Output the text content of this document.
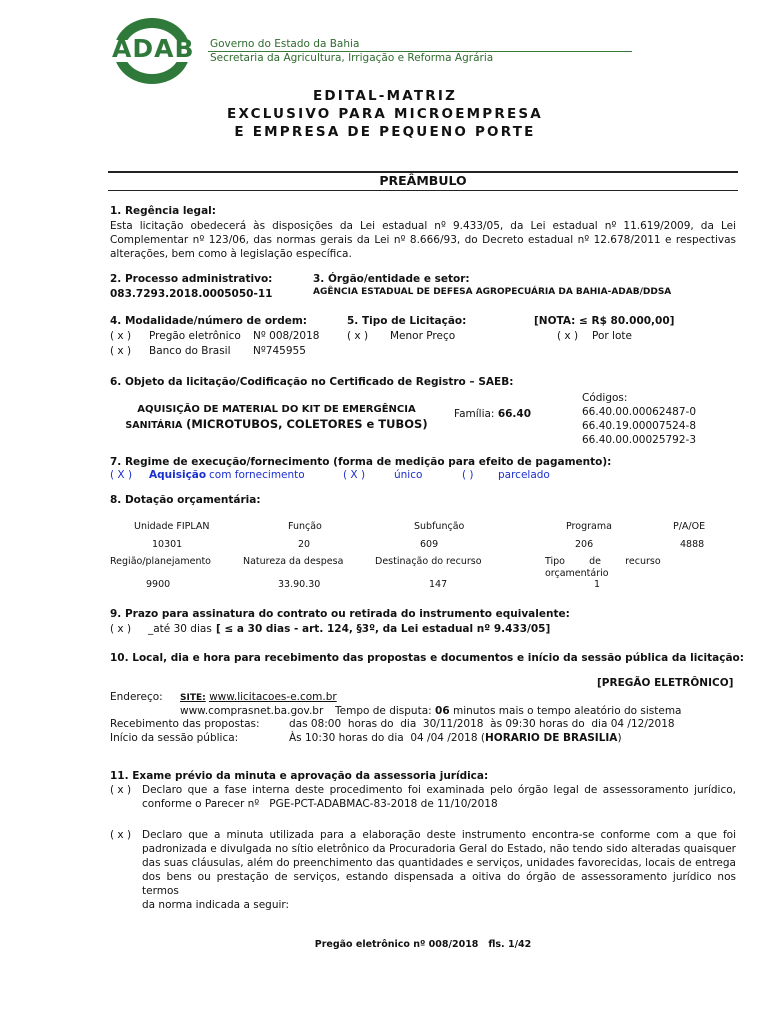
ADAB Governo do Estado da Bahia
Secretaria da Agricultura, Irrigação e Reforma Agrária
EDITAL-MATRIZ
EXCLUSIVO PARA MICROEMPRESA
E EMPRESA DE PEQUENO PORTE
PREÂMBULO
1. Regência legal:
Esta licitação obedecerá às disposições da Lei estadual nº 9.433/05, da Lei estadual nº 11.619/2009, da Lei
Complementar nº 123/06, das normas gerais da Lei nº 8.666/93, do Decreto estadual nº 12.678/2011 e respectivas
alterações, bem como à legislação específica.
2. Processo administrativo:
083.7293.2018.0005050-11
3. Órgão/entidade e setor:
AGÊNCIA ESTADUAL DE DEFESA AGROPECUÁRIA DA BAHIA-ADAB/DDSA
4. Modalidade/número de ordem:
( x ) Pregão eletrônico Nº 008/2018
( x ) Banco do Brasil Nº745955
5. Tipo de Licitação:
( x ) Menor Preço
[NOTA: ≤ R$ 80.000,00]
( x ) Por lote
6. Objeto da licitação/Codificação no Certificado de Registro – SAEB:
AQUISIÇÃO DE MATERIAL DO KIT DE EMERGÊNCIA
SANITÁRIA (MICROTUBOS, COLETORES e TUBOS)
Família: 66.40
Códigos:
66.40.00.00062487-0
66.40.19.00007524-8
66.40.00.00025792-3
7. Regime de execução/fornecimento (forma de medição para efeito de pagamento):
( X ) Aquisição com fornecimento	( X )	único	( ) parcelado
8. Dotação orçamentária:
Unidade FIPLAN	Função	Subfunção	Programa	P/A/OE
10301	20	609	206	4888
Região/planejamento	Natureza da despesa	Destinação do recurso	Tipo        de        recurso
orçamentário
9900	33.90.30	147	1
9. Prazo para assinatura do contrato ou retirada do instrumento equivalente:
( x ) _até 30 dias [ ≤ a 30 dias - art. 124, §3º, da Lei estadual nº 9.433/05]
10. Local, dia e hora para recebimento das propostas e documentos e início da sessão pública da licitação:
[PREGÃO ELETRÔNICO]
Endereço: SITE: www.licitacoes-e.com.br
www.comprasnet.ba.gov.br Tempo de disputa: 06 minutos mais o tempo aleatório do sistema
Recebimento das propostas:	das 08:00  horas do  dia  30/11/2018  às 09:30 horas do  dia 04 /12/2018
Início da sessão pública:	Às 10:30 horas do dia  04 /04 /2018 (HORARIO DE BRASILIA)
11. Exame prévio da minuta e aprovação da assessoria jurídica:
( x ) Declaro que a fase interna deste procedimento foi examinada pelo órgão legal de assessoramento jurídico,
conforme o Parecer nº   PGE-PCT-ADABMAC-83-2018 de 11/10/2018
( x ) Declaro que a minuta utilizada para a elaboração deste instrumento encontra-se conforme com a que foi
padronizada e divulgada no sítio eletrônico da Procuradoria Geral do Estado, não tendo sido alteradas quaisquer
das suas cláusulas, além do preenchimento das quantidades e serviços, unidades favorecidas, locais de entrega
dos bens ou prestação de serviços, estando dispensada a oitiva do órgão de assessoramento jurídico nos termos
da norma indicada a seguir:
Pregão eletrônico nº 008/2018   fls. 1/42
